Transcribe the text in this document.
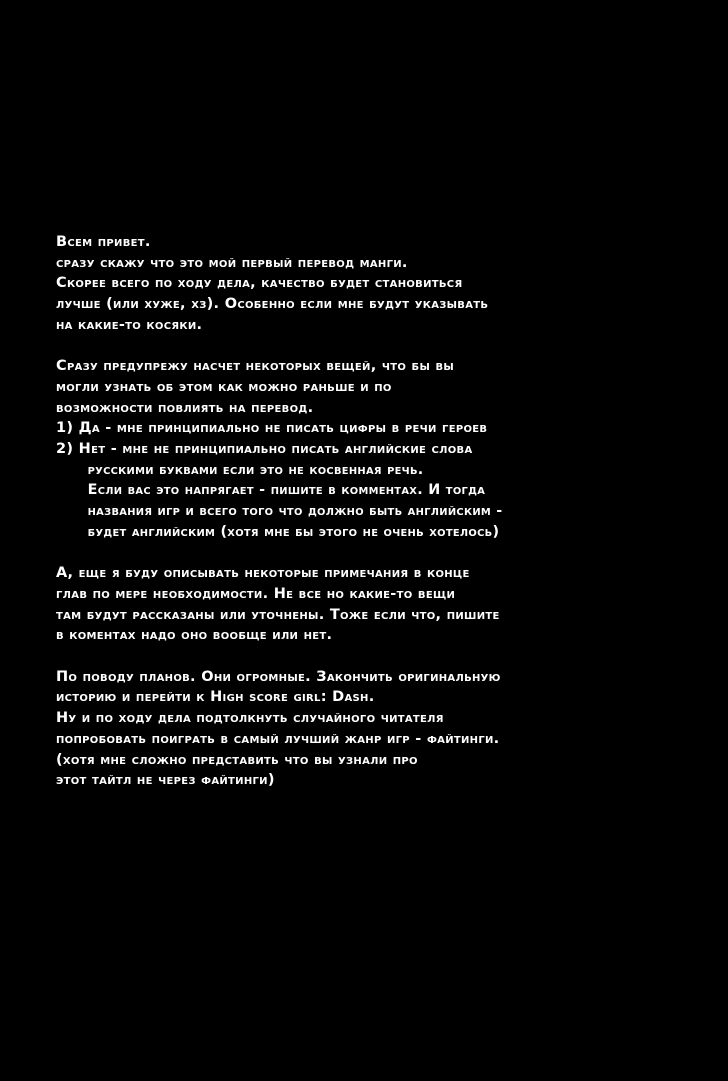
Всем привет.
сразу скажу что это мой первый перевод манги.
Скорее всего по ходу дела, качество будет становиться
лучше (или хуже, хз). Особенно если мне будут указывать
на какие-то косяки.
Сразу предупрежу насчет некоторых вещей, что бы вы
могли узнать об этом как можно раньше и по
возможности повлиять на перевод.
1) Да - мне принципиально не писать цифры в речи героев
2) Нет - мне не принципиально писать английские слова
русскими буквами если это не косвенная речь.
Если вас это напрягает - пишите в комментах. И тогда
названия игр и всего того что должно быть английским -
будет английским (хотя мне бы этого не очень хотелось)
А, еще я буду описывать некоторые примечания в конце
глав по мере необходимости. Не все но какие-то вещи
там будут рассказаны или уточнены. Тоже если что, пишите
в коментах надо оно вообще или нет.
По поводу планов. Они огромные. Закончить оригинальную
историю и перейти к High score girl: Dash.
Ну и по ходу дела подтолкнуть случайного читателя
попробовать поиграть в самый лучший жанр игр - файтинги.
(хотя мне сложно представить что вы узнали про
этот тайтл не через файтинги)
